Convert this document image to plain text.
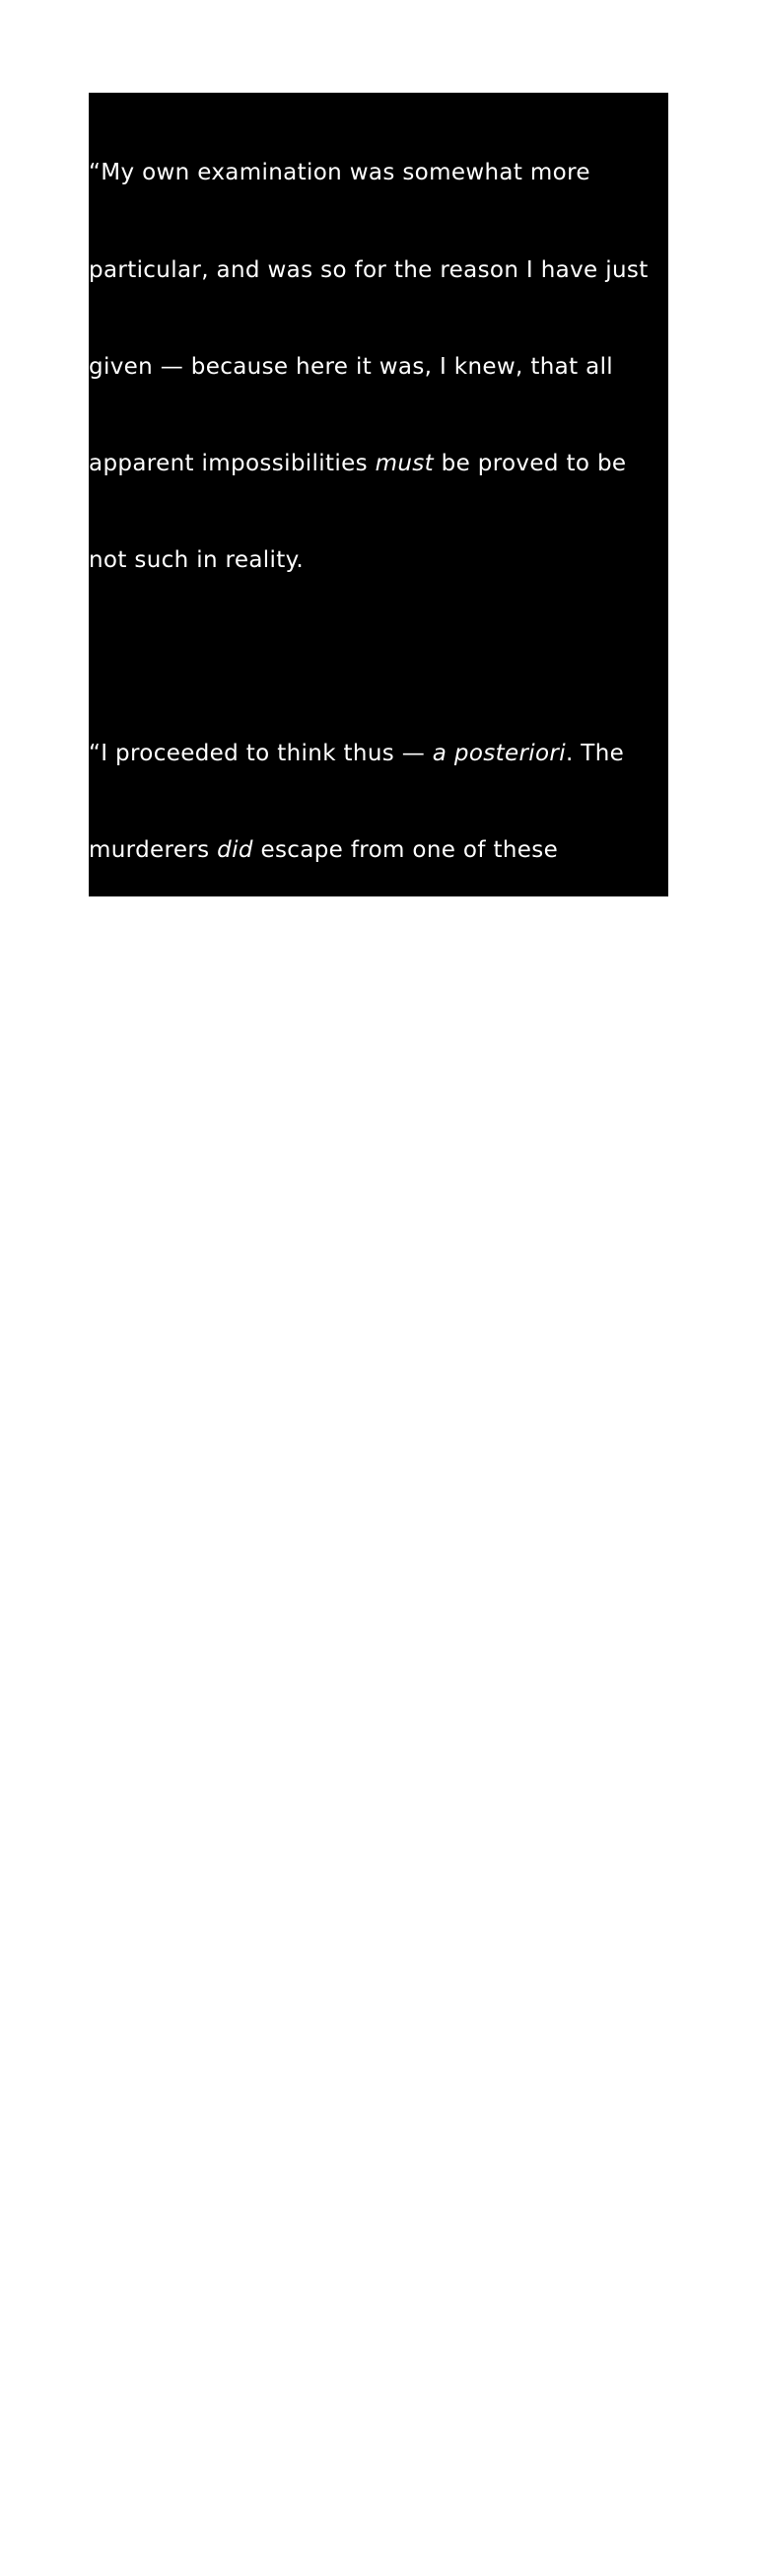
“My own examination was somewhat more

particular, and was so for the reason I have just

given — because here it was, I knew, that all

apparent impossibilities must be proved to be

not such in reality.

“I proceeded to think thus — a posteriori. The

murderers did escape from one of these

windows. This being so, they could not have re-

fastened the sashes from the inside as they were

found fastened, — (the consideration which put

a stop, through its obviousness, to the scrutiny

of the police in this quarter). Yet the

sashes were fastened. They must, then, have the

power of fastening themselves. There was no

escape from this conclusion. I stepped to the

unobstructed casement, withdrew the nail with

some difficulty, and attempted to raise the sash.

It resisted all my efforts, as I had anticipated. A

concealed spring must, I now knew, exist; and

this corroboration of my idea convinced me that

my premises, at least, were correct, however

mysterious still appeared the circumstances

attending the nails. A careful search soon

brought to light the hidden spring. I pressed it,
